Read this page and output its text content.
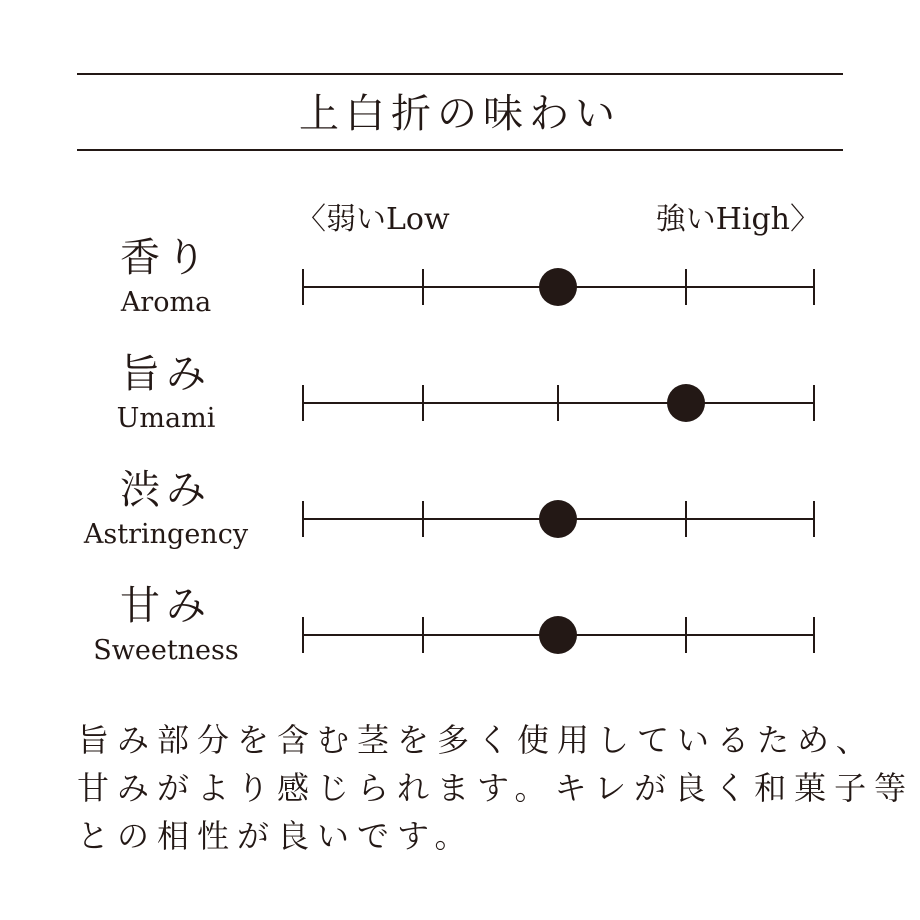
上白折の味わい
〈弱いLow	強いHigh〉
香り
Aroma
旨み
Umami
渋み
Astringency
甘み
Sweetness
旨み部分を含む茎を多く使用しているため、
甘みがより感じられます。キレが良く和菓子等
との相性が良いです。
